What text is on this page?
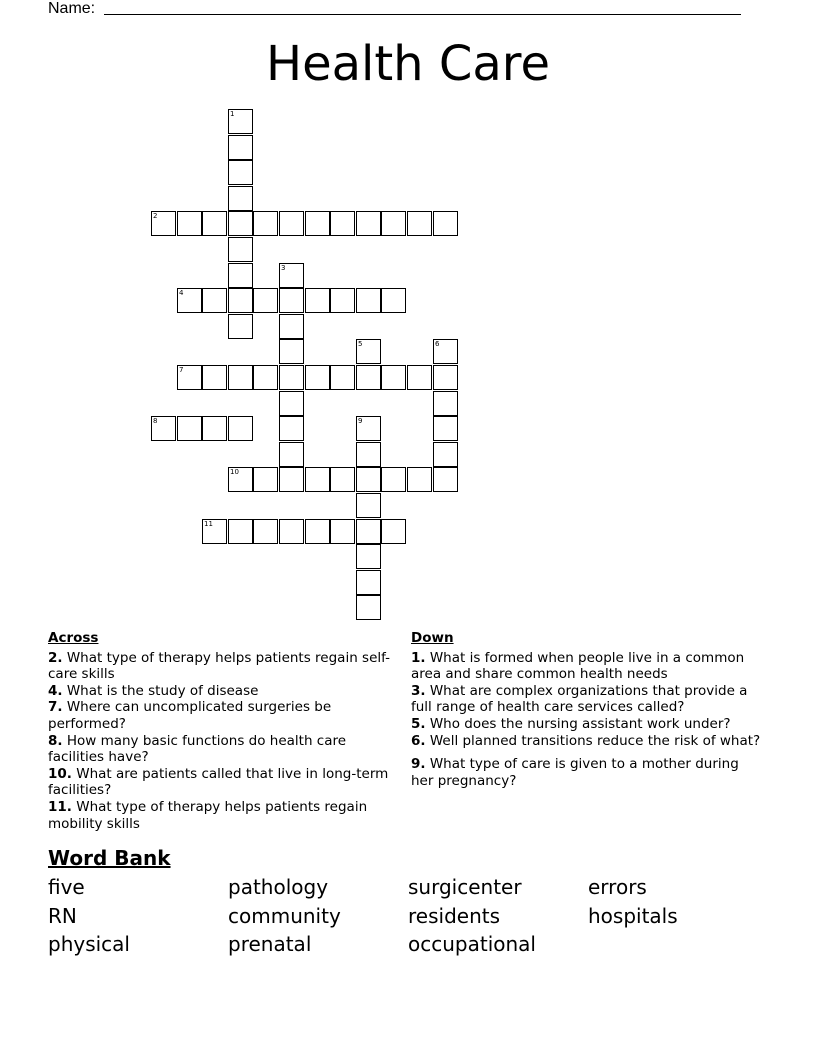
Name:
Health Care
1
2
3
4
5	6
7
8	9
10
11
Across
2. What type of therapy helps patients regain self-care skills
4. What is the study of disease
7. Where can uncomplicated surgeries be performed?
8. How many basic functions do health care facilities have?
10. What are patients called that live in long-term facilities?
11. What type of therapy helps patients regain mobility skills
Down
1. What is formed when people live in a common area and share common health needs
3. What are complex organizations that provide a full range of health care services called?
5. Who does the nursing assistant work under?
6. Well planned transitions reduce the risk of what?
9. What type of care is given to a mother during her pregnancy?
Word Bank
five	pathology	surgicenter	errors
RN	community	residents	hospitals
physical	prenatal	occupational
